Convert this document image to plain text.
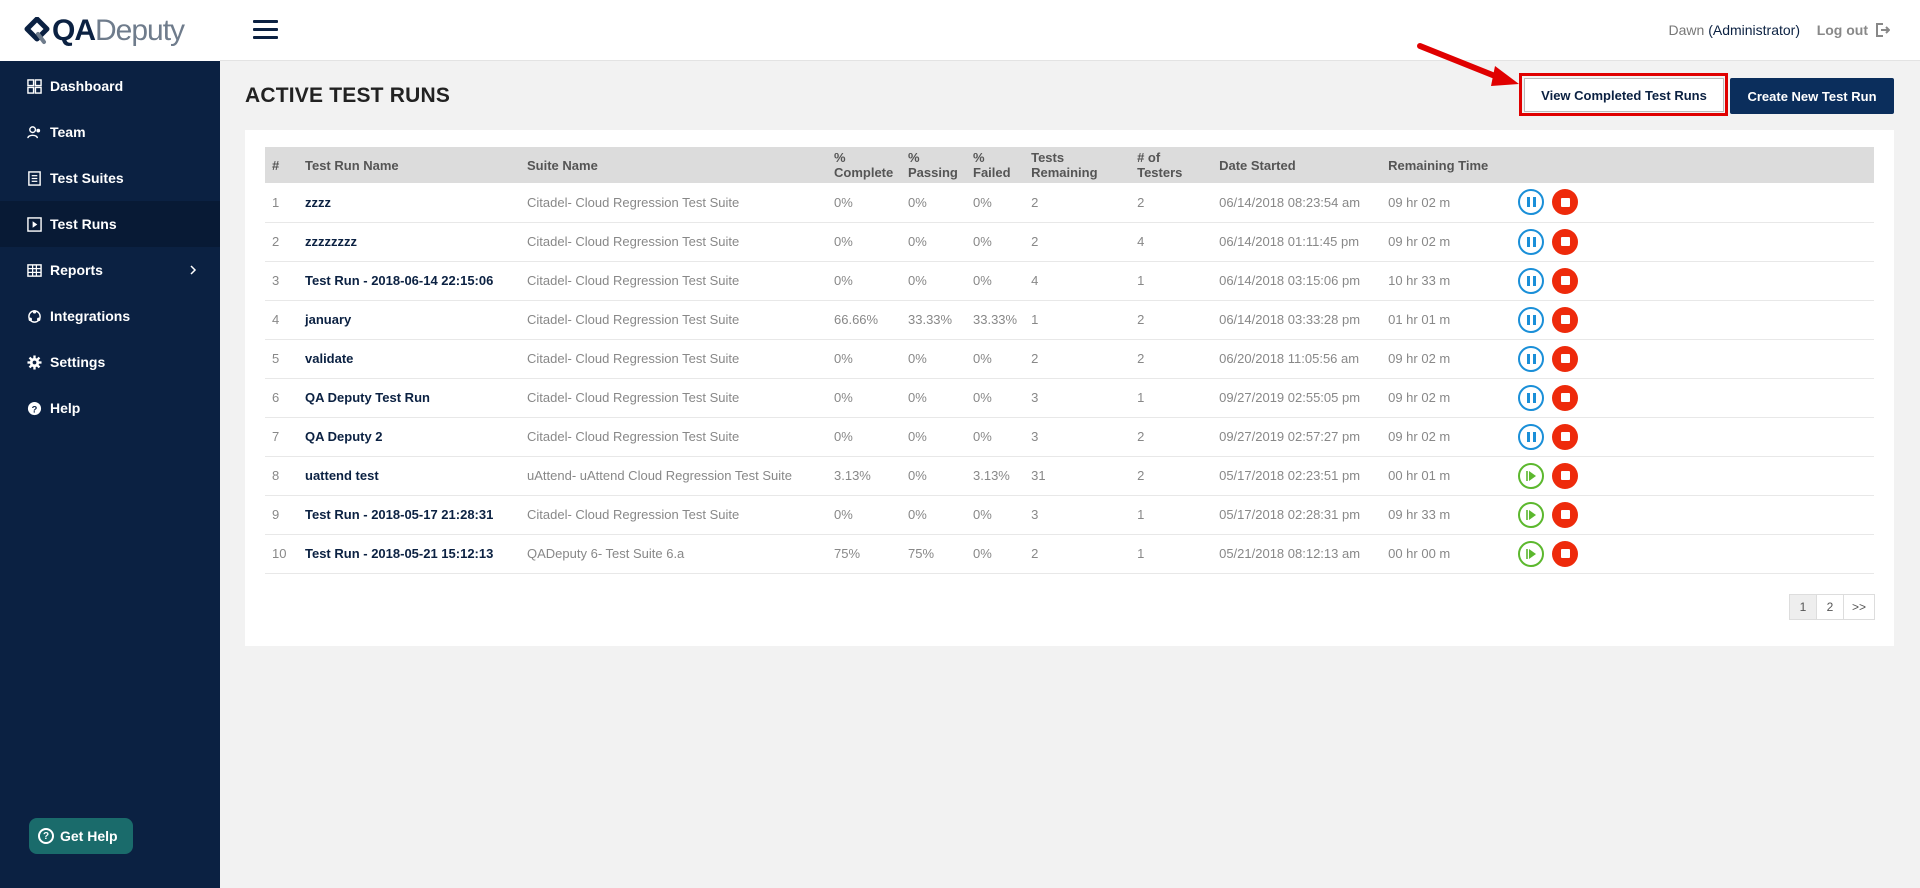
QADeputy
Dashboard
Team
Test Suites
Test Runs
Reports
Integrations
Settings
? Help
? Get Help
Dawn (Administrator) Log out
ACTIVE TEST RUNS	View Completed Test Runs	Create New Test Run
#	Test Run Name	Suite Name	% Complete	% Passing	% Failed	Tests Remaining	# of Testers	Date Started	Remaining Time	
1	zzzz	Citadel- Cloud Regression Test Suite	0%	0%	0%	2	2	06/14/2018 08:23:54 am	09 hr 02 m	
2	zzzzzzzz	Citadel- Cloud Regression Test Suite	0%	0%	0%	2	4	06/14/2018 01:11:45 pm	09 hr 02 m	
3	Test Run - 2018-06-14 22:15:06	Citadel- Cloud Regression Test Suite	0%	0%	0%	4	1	06/14/2018 03:15:06 pm	10 hr 33 m	
4	january	Citadel- Cloud Regression Test Suite	66.66%	33.33%	33.33%	1	2	06/14/2018 03:33:28 pm	01 hr 01 m	
5	validate	Citadel- Cloud Regression Test Suite	0%	0%	0%	2	2	06/20/2018 11:05:56 am	09 hr 02 m	
6	QA Deputy Test Run	Citadel- Cloud Regression Test Suite	0%	0%	0%	3	1	09/27/2019 02:55:05 pm	09 hr 02 m	
7	QA Deputy 2	Citadel- Cloud Regression Test Suite	0%	0%	0%	3	2	09/27/2019 02:57:27 pm	09 hr 02 m	
8	uattend test	uAttend- uAttend Cloud Regression Test Suite	3.13%	0%	3.13%	31	2	05/17/2018 02:23:51 pm	00 hr 01 m	

9	Test Run - 2018-05-17 21:28:31	Citadel- Cloud Regression Test Suite	0%	0%	0%	3	1	05/17/2018 02:28:31 pm	09 hr 33 m	

10	Test Run - 2018-05-21 15:12:13	QADeputy 6- Test Suite 6.a	75%	75%	0%	2	1	05/21/2018 08:12:13 am	00 hr 00 m	
1	2	>>
